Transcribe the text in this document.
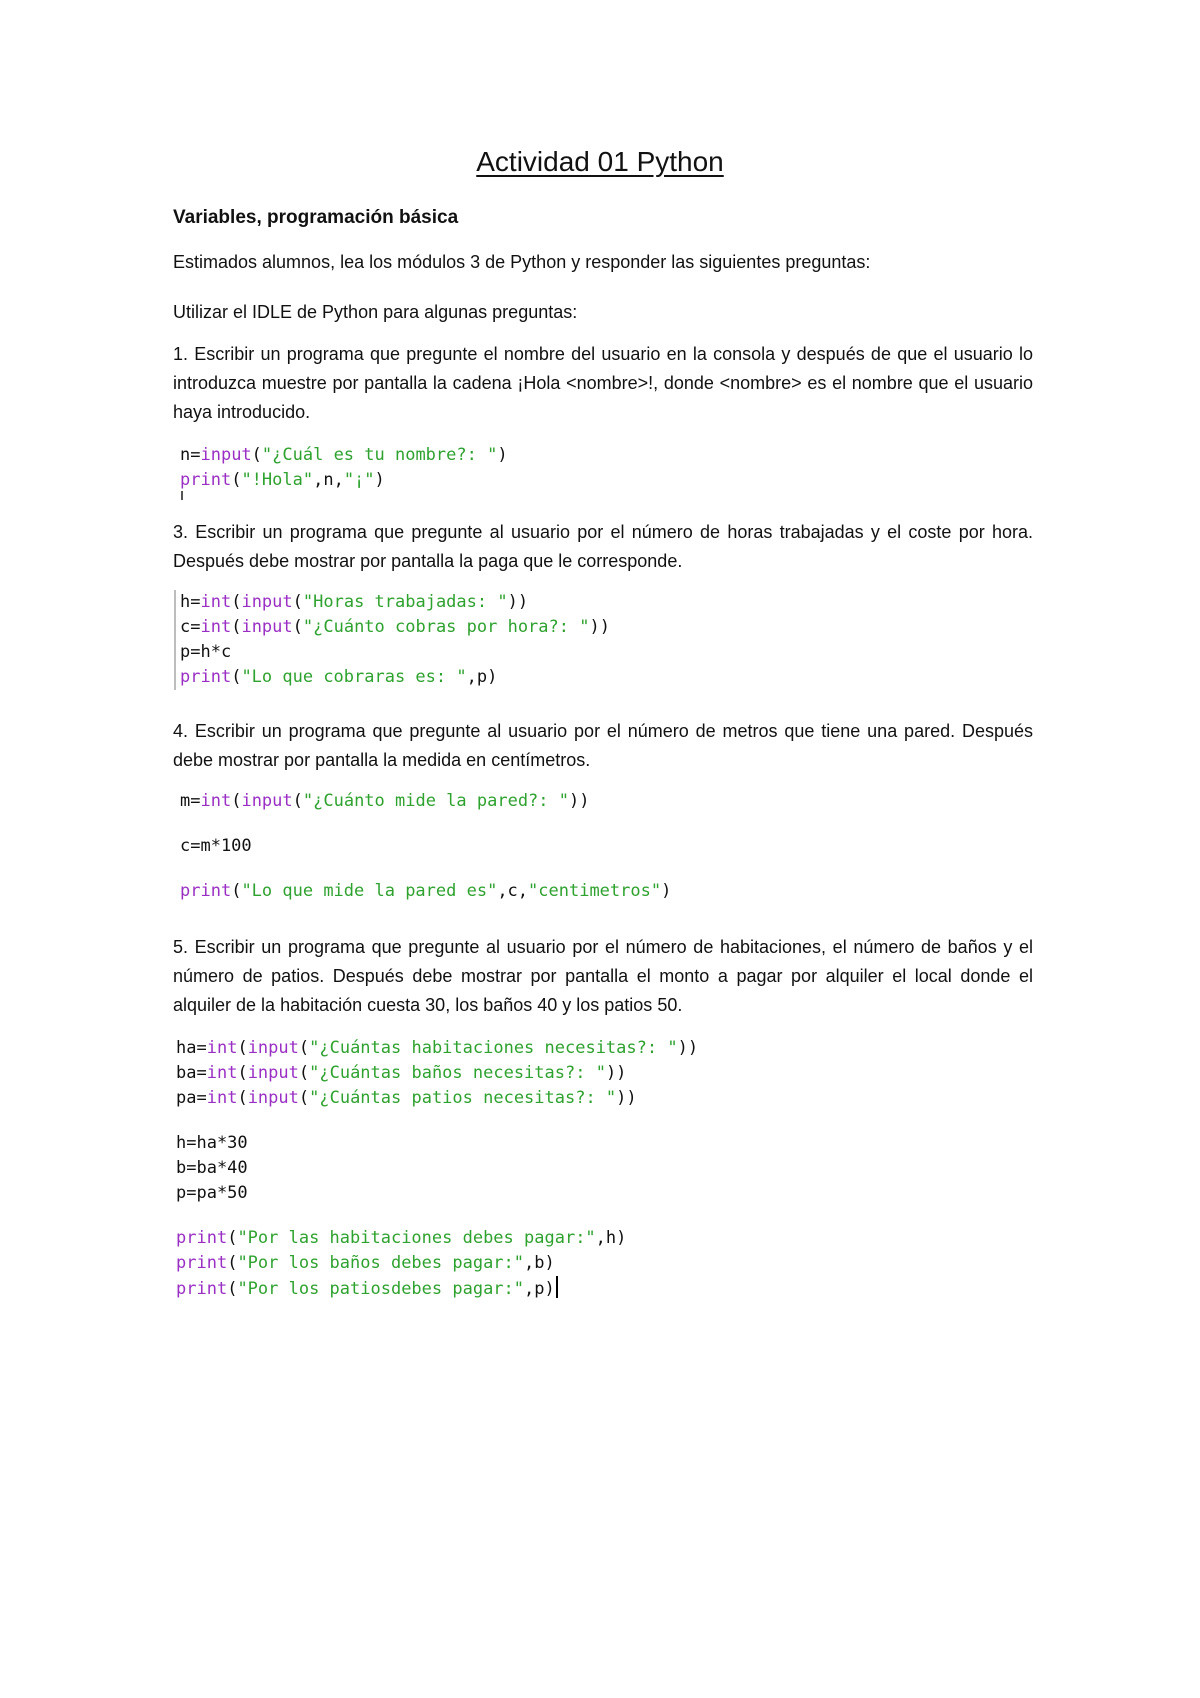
Actividad 01 Python

Variables, programación básica

Estimados alumnos, lea los módulos 3 de Python y responder las siguientes preguntas:

Utilizar el IDLE de Python para algunas preguntas:

1. Escribir un programa que pregunte el nombre del usuario en la consola y después de que el usuario lo introduzca muestre por pantalla la cadena ¡Hola <nombre>!, donde <nombre> es el nombre que el usuario haya introducido.

n=input("¿Cuál es tu nombre?: ")
print("!Hola",n,"¡")

3. Escribir un programa que pregunte al usuario por el número de horas trabajadas y el coste por hora. Después debe mostrar por pantalla la paga que le corresponde.

h=int(input("Horas trabajadas: "))
c=int(input("¿Cuánto cobras por hora?: "))
p=h*c
print("Lo que cobraras es: ",p)

4. Escribir un programa que pregunte al usuario por el número de metros que tiene una pared. Después debe mostrar por pantalla la medida en centímetros.

m=int(input("¿Cuánto mide la pared?: "))
c=m*100
print("Lo que mide la pared es",c,"centimetros")

5. Escribir un programa que pregunte al usuario por el número de habitaciones, el número de baños y el número de patios. Después debe mostrar por pantalla el monto a pagar por alquiler el local donde el alquiler de la habitación cuesta 30, los baños 40 y los patios 50.

ha=int(input("¿Cuántas habitaciones necesitas?: "))
ba=int(input("¿Cuántas baños necesitas?: "))
pa=int(input("¿Cuántas patios necesitas?: "))
h=ha*30
b=ba*40
p=pa*50
print("Por las habitaciones debes pagar:",h)
print("Por los baños debes pagar:",b)
print("Por los patiosdebes pagar:",p)
